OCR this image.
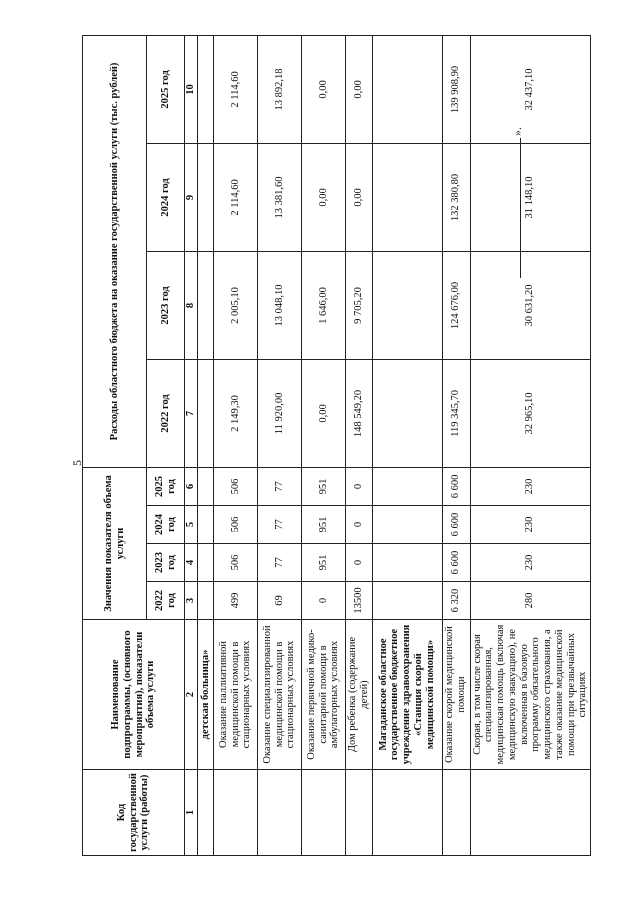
5
Код государственной услуги (работы)	Наименование подпрограммы, (основного мероприятия), показатели объема услуги	Значения показателя объема услуги				Расходы областного бюджета на оказание государственной услуги (тыс. рублей)			
		2022 год	2023 год	2024 год	2025 год	2022 год	2023 год	2024 год	2025 год
1	2	3	4	5	6	7	8	9	10
	детская больница»								
	Оказание паллиативной медицинской помощи в стационарных условиях	499	506	506	506	2 149,30	2 005,10	2 114,60	2 114,60
	Оказание специализированной медицинской помощи в стационарных условиях	69	77	77	77	11 920,00	13 048,10	13 381,60	13 892,18
	Оказание первичной медико-санитарной помощи в амбулаторных условиях	0	951	951	951	0,00	1 646,00	0,00	0,00
	Дом ребенка (содержание детей)	13500	0	0	0	148 549,20	9 705,20	0,00	0,00
	Магаданское областное государственное бюджетное учреждение здравоохранения «Станция скорой медицинской помощи»								
	Оказание скорой медицинской помощи	6 320	6 600	6 600	6 600	119 345,70	124 676,00	132 380,80	139 908,90
	Скорая, в том числе скорая специализированная, медицинская помощь (включая медицинскую эвакуацию), не включенная в базовую программу обязательного медицинского страхования, а также оказание медицинской помощи при чрезвычайных ситуациях	280	230	230	230	32 965,10	30 631,20	31 148,10	32 437,10
».
